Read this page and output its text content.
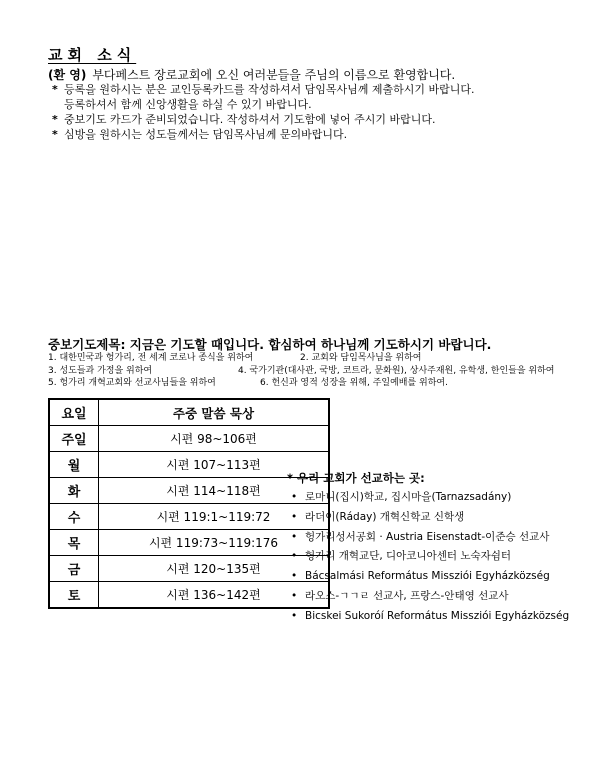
교회 소식
(환 영) 부다페스트 장로교회에 오신 여러분들을 주님의 이름으로 환영합니다.
* 등록을 원하시는 분은 교인등록카드를 작성하셔서 담임목사님께 제출하시기 바랍니다.
등록하셔서 함께 신앙생활을 하실 수 있기 바랍니다.
* 중보기도 카드가 준비되었습니다. 작성하셔서 기도함에 넣어 주시기 바랍니다.
* 심방을 원하시는 성도들께서는 담임목사님께 문의바랍니다.
중보기도제목: 지금은 기도할 때입니다. 합심하여 하나님께 기도하시기 바랍니다.
1. 대한민국과 헝가리, 전 세계 코로나 종식을 위하여	2. 교회와 담임목사님을 위하여
3. 성도들과 가정을 위하여	4. 국가기관(대사관, 국방, 코트라, 문화원), 상사주재원, 유학생, 한인들을 위하여
5. 헝가리 개혁교회와 선교사님들을 위하여	6. 헌신과 영적 성장을 위해, 주일예배를 위하여.
요일	주중 말씀 묵상
주일	시편 98~106편
월	시편 107~113편
화	시편 114~118편
수	시편 119:1~119:72
목	시편 119:73~119:176
금	시편 120~135편
토	시편 136~142편
* 우리 교회가 선교하는 곳:
• 로마니(집시)학교, 집시마을(Tarnazsadány)
• 라더이(Ráday) 개혁신학교 신학생
• 헝가리성서공회 · Austria Eisenstadt-이준승 선교사
• 헝가리 개혁교단, 디아코니아센터 노숙자쉼터
• Bácsalmási Református Missziói Egyházközség
• 라오스-ㄱㄱㄹ 선교사, 프랑스-안태영 선교사
• Bicskei Sukoróí Református Missziói Egyházközség
